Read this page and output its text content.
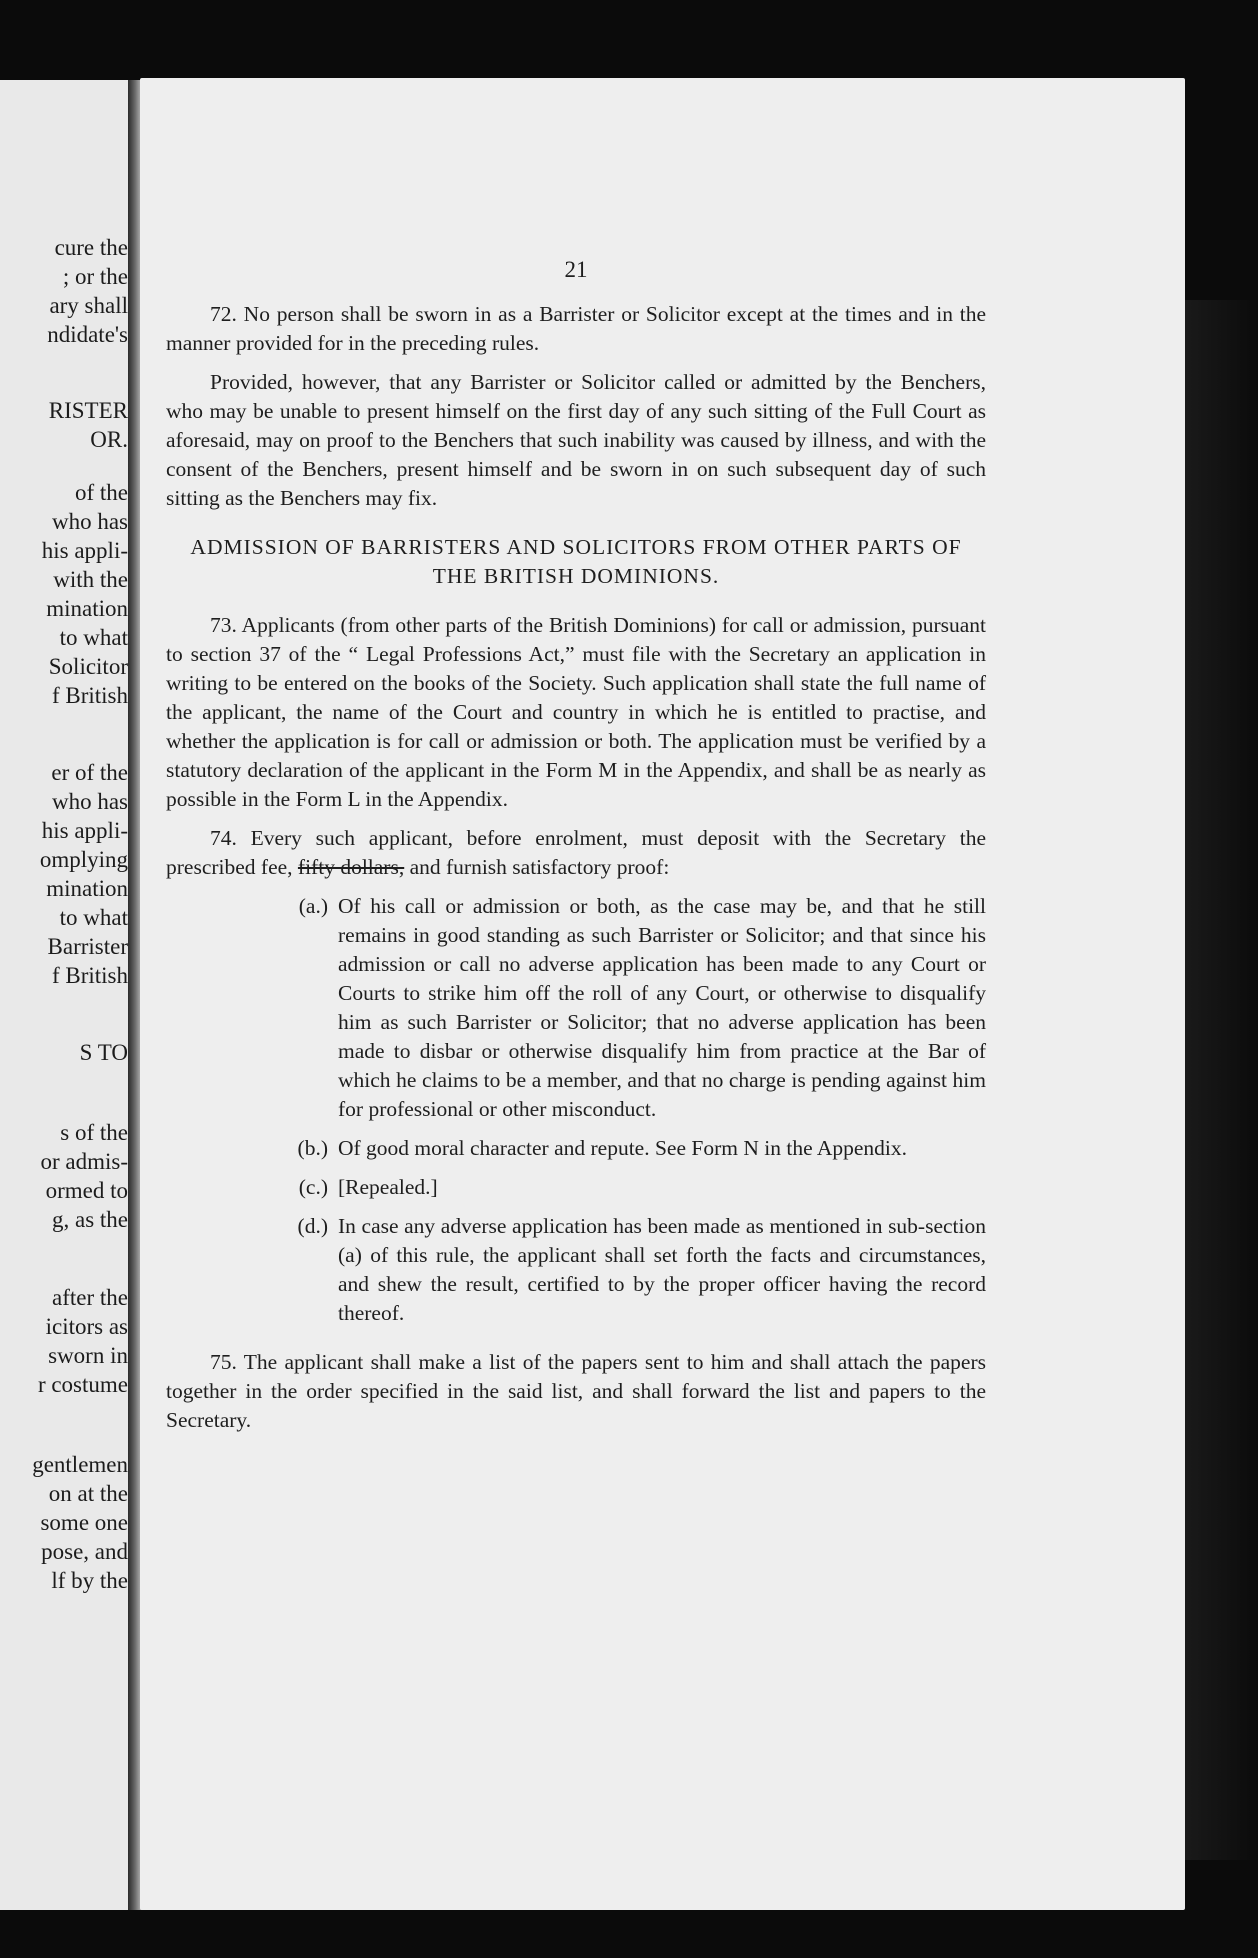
cure the
; or the
ary shall
ndidate's
RISTER
OR.
of the
who has
his appli-
with the
mination
to what
Solicitor
f British
er of the
who has
his appli-
omplying
mination
to what
Barrister
f British
S TO
s of the
or admis-
ormed to
g, as the
after the
icitors as
sworn in
r costume
gentlemen
on at the
some one
pose, and
lf by the
21

72. No person shall be sworn in as a Barrister or Solicitor except at the times and in the manner provided for in the preceding rules.

Provided, however, that any Barrister or Solicitor called or admitted by the Benchers, who may be unable to present himself on the first day of any such sitting of the Full Court as aforesaid, may on proof to the Benchers that such inability was caused by illness, and with the consent of the Benchers, present himself and be sworn in on such subsequent day of such sitting as the Benchers may fix.

ADMISSION OF BARRISTERS AND SOLICITORS FROM OTHER PARTS OF THE BRITISH DOMINIONS.

73. Applicants (from other parts of the British Dominions) for call or admission, pursuant to section 37 of the “ Legal Professions Act,” must file with the Secretary an application in writing to be entered on the books of the Society. Such application shall state the full name of the applicant, the name of the Court and country in which he is entitled to practise, and whether the application is for call or admission or both. The application must be verified by a statutory declaration of the applicant in the Form M in the Appendix, and shall be as nearly as possible in the Form L in the Appendix.

74. Every such applicant, before enrolment, must deposit with the Secretary the prescribed fee, fifty dollars, and furnish satisfactory proof:

(a.) Of his call or admission or both, as the case may be, and that he still remains in good standing as such Barrister or Solicitor; and that since his admission or call no adverse application has been made to any Court or Courts to strike him off the roll of any Court, or otherwise to disqualify him as such Barrister or Solicitor; that no adverse application has been made to disbar or otherwise disqualify him from practice at the Bar of which he claims to be a member, and that no charge is pending against him for professional or other misconduct.
(b.) Of good moral character and repute. See Form N in the Appendix.
(c.) [Repealed.]
(d.) In case any adverse application has been made as mentioned in sub-section (a) of this rule, the applicant shall set forth the facts and circumstances, and shew the result, certified to by the proper officer having the record thereof.

75. The applicant shall make a list of the papers sent to him and shall attach the papers together in the order specified in the said list, and shall forward the list and papers to the Secretary.
